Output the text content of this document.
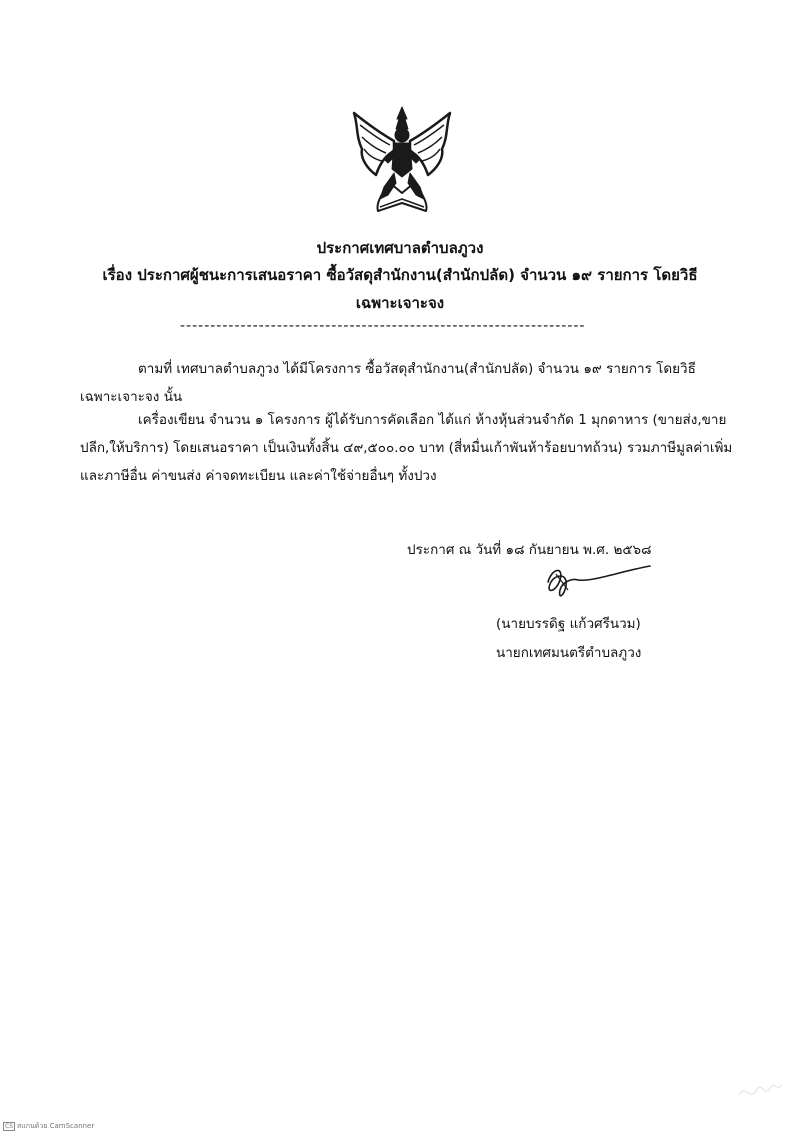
ประกาศเทศบาลตำบลภูวง
เรื่อง ประกาศผู้ชนะการเสนอราคา ซื้อวัสดุสำนักงาน(สำนักปลัด) จำนวน ๑๙ รายการ โดยวิธี
เฉพาะเจาะจง
-------------------------------------------------------------------
ตามที่ เทศบาลตำบลภูวง ได้มีโครงการ ซื้อวัสดุสำนักงาน(สำนักปลัด) จำนวน ๑๙ รายการ โดยวิธี
เฉพาะเจาะจง นั้น
เครื่องเขียน จำนวน ๑ โครงการ ผู้ได้รับการคัดเลือก ได้แก่ ห้างหุ้นส่วนจำกัด 1 มุกดาหาร (ขายส่ง,ขาย
ปลีก,ให้บริการ) โดยเสนอราคา เป็นเงินทั้งสิ้น ๔๙,๕๐๐.๐๐ บาท (สี่หมื่นเก้าพันห้าร้อยบาทถ้วน) รวมภาษีมูลค่าเพิ่ม
และภาษีอื่น ค่าขนส่ง ค่าจดทะเบียน และค่าใช้จ่ายอื่นๆ ทั้งปวง
ประกาศ ณ วันที่ ๑๘ กันยายน พ.ศ. ๒๕๖๘
(นายบรรดิฐ แก้วศรีนวม)
นายกเทศมนตรีตำบลภูวง
CS สแกนด้วย CamScanner
